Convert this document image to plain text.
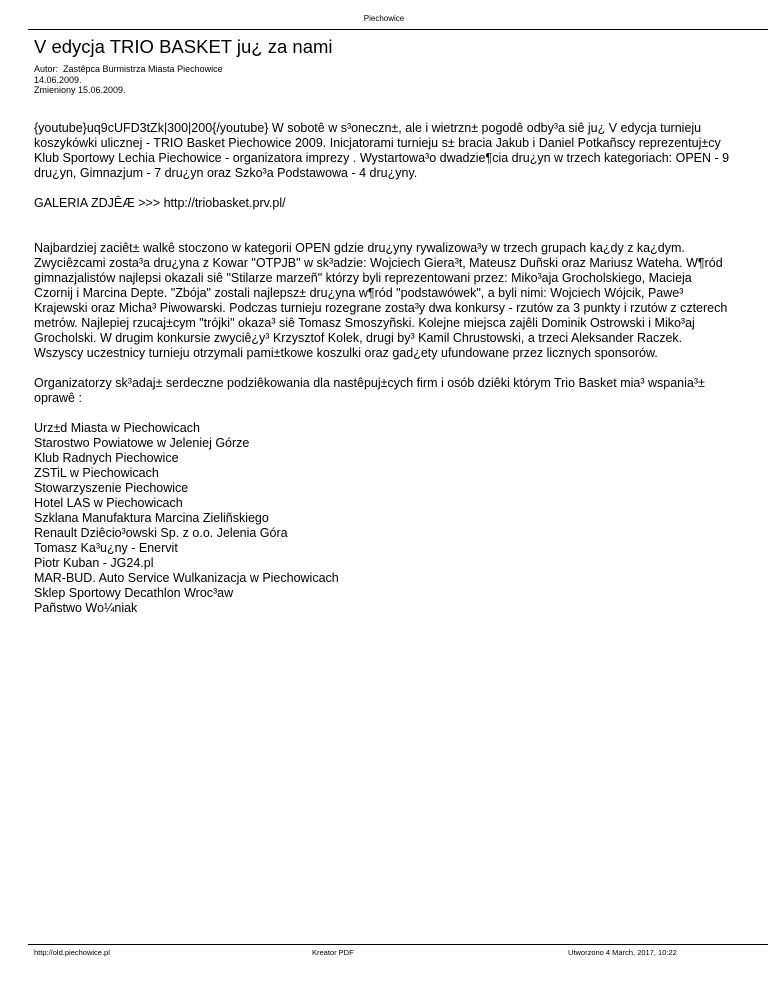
Piechowice
V edycja TRIO BASKET ju¿ za nami
Autor: Zastêpca Burmistrza Miasta Piechowice
14.06.2009.
Zmieniony 15.06.2009.

{youtube}uq9cUFD3tZk|300|200{/youtube} W sobotê w s³oneczn±, ale i wietrzn± pogodê odby³a siê ju¿ V edycja turnieju koszykówki ulicznej - TRIO Basket Piechowice 2009. Inicjatorami turnieju s± bracia Jakub i Daniel Potkañscy reprezentuj±cy Klub Sportowy Lechia Piechowice - organizatora imprezy . Wystartowa³o dwadzie¶cia dru¿yn w trzech kategoriach: OPEN - 9 dru¿yn, Gimnazjum - 7 dru¿yn oraz Szko³a Podstawowa - 4 dru¿yny.

GALERIA ZDJÊÆ >>> http://triobasket.prv.pl/

Najbardziej zaciêt± walkê stoczono w kategorii OPEN gdzie dru¿yny rywalizowa³y w trzech grupach ka¿dy z ka¿dym. Zwyciêzcami zosta³a dru¿yna z Kowar "OTPJB" w sk³adzie: Wojciech Giera³t, Mateusz Duñski oraz Mariusz Wateha. W¶ród gimnazjalistów najlepsi okazali siê "Stilarze marzeñ" którzy byli reprezentowani przez: Miko³aja Grocholskiego, Macieja Czornij i Marcina Depte. "Zbója" zostali najlepsz± dru¿yna w¶ród "podstawówek", a byli nimi: Wojciech Wójcik, Pawe³ Krajewski oraz Micha³ Piwowarski. Podczas turnieju rozegrane zosta³y dwa konkursy - rzutów za 3 punkty i rzutów z czterech metrów. Najlepiej rzucaj±cym "trójki" okaza³ siê Tomasz Smoszyñski. Kolejne miejsca zajêli Dominik Ostrowski i Miko³aj Grocholski. W drugim konkursie zwyciê¿y³ Krzysztof Kolek, drugi by³ Kamil Chrustowski, a trzeci Aleksander Raczek. Wszyscy uczestnicy turnieju otrzymali pami±tkowe koszulki oraz gad¿ety ufundowane przez licznych sponsorów.

Organizatorzy sk³adaj± serdeczne podziêkowania dla nastêpuj±cych firm i osób dziêki którym Trio Basket mia³ wspania³± oprawê :

Urz±d Miasta w Piechowicach
Starostwo Powiatowe w Jeleniej Górze
Klub Radnych Piechowice
ZSTiL w Piechowicach
Stowarzyszenie Piechowice
Hotel LAS w Piechowicach
Szklana Manufaktura Marcina Zieliñskiego
Renault Dziêcio³owski Sp. z o.o. Jelenia Góra
Tomasz Ka³u¿ny - Enervit
Piotr Kuban - JG24.pl
MAR-BUD. Auto Service Wulkanizacja w Piechowicach
Sklep Sportowy Decathlon Wroc³aw
Pañstwo Wo¼niak
http://old.piechowice.pl	Kreator PDF	Utworzono 4 March, 2017, 10:22
